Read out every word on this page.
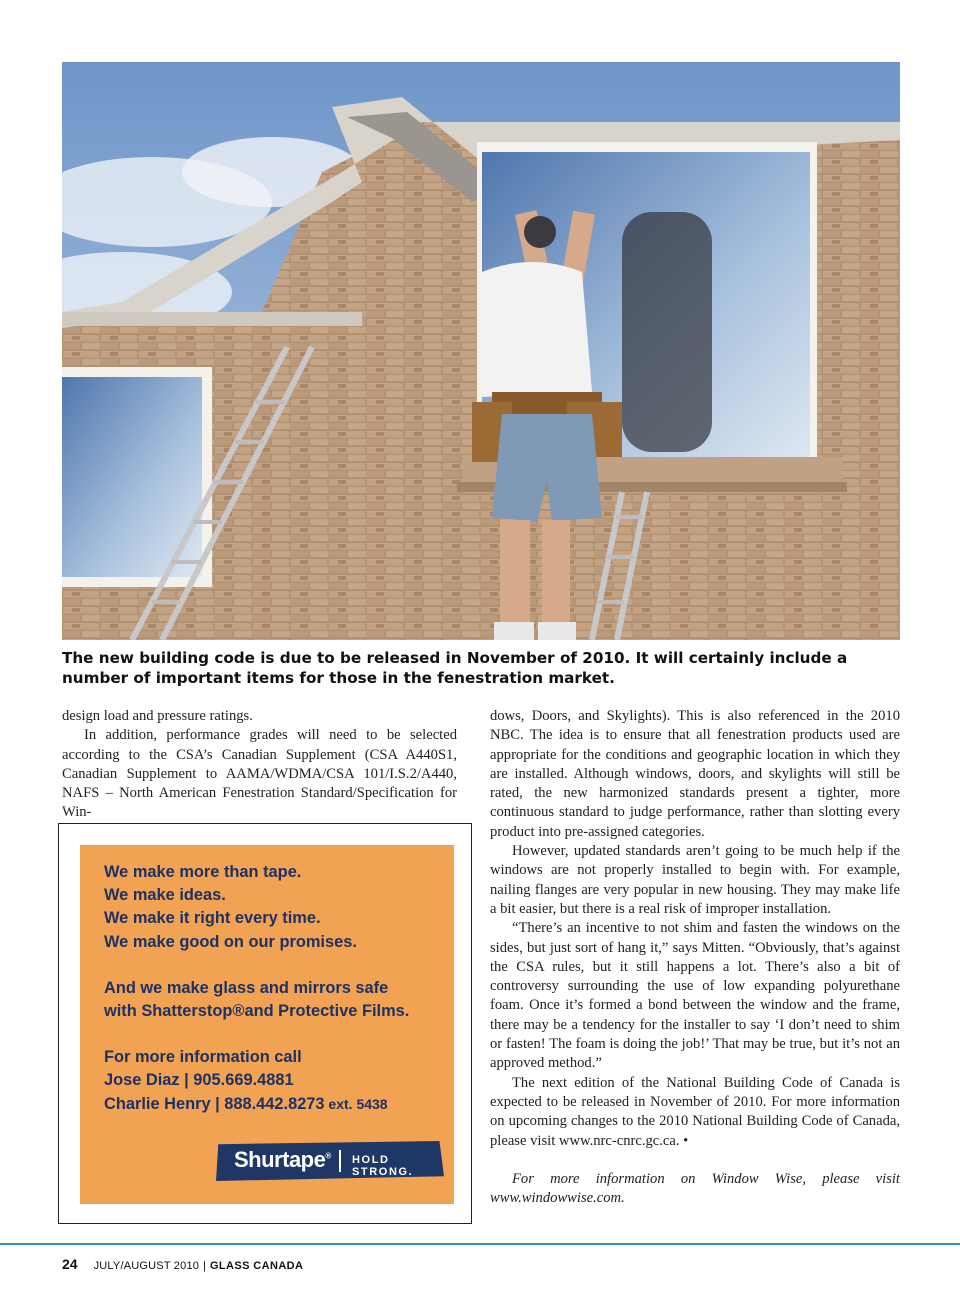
The new building code is due to be released in November of 2010. It will certainly include a number of important items for those in the fenestration market.

design load and pressure ratings.

In addition, performance grades will need to be selected according to the CSA’s Canadian Supplement (CSA A440S1, Canadian Supplement to AAMA/WDMA/CSA 101/I.S.2/A440, NAFS – North American Fenestration Standard/Specification for Win-

dows, Doors, and Skylights). This is also referenced in the 2010 NBC. The idea is to ensure that all fenestration products used are appropriate for the conditions and geographic location in which they are installed. Although windows, doors, and skylights will still be rated, the new harmonized standards present a tighter, more continuous standard to judge performance, rather than slotting every product into pre-assigned categories.

However, updated standards aren’t going to be much help if the windows are not properly installed to begin with. For example, nailing flanges are very popular in new housing. They may make life a bit easier, but there is a real risk of improper installation.

“There’s an incentive to not shim and fasten the windows on the sides, but just sort of hang it,” says Mitten. “Obviously, that’s against the CSA rules, but it still happens a lot. There’s also a bit of controversy surrounding the use of low expanding polyurethane foam. Once it’s formed a bond between the window and the frame, there may be a tendency for the installer to say ‘I don’t need to shim or fasten! The foam is doing the job!’ That may be true, but it’s not an approved method.”

The next edition of the National Building Code of Canada is expected to be released in November of 2010. For more information on upcoming changes to the 2010 National Building Code of Canada, please visit www.nrc-cnrc.gc.ca. •

For more information on Window Wise, please visit www.windowwise.com.

We make more than tape.
We make ideas.
We make it right every time.
We make good on our promises.
And we make glass and mirrors safe
with Shatterstop®and Protective Films.
For more information call
Jose Diaz | 905.669.4881
Charlie Henry | 888.442.8273 ext. 5438
Shurtape® HOLD STRONG.
24 JULY/AUGUST 2010 | GLASS CANADA
